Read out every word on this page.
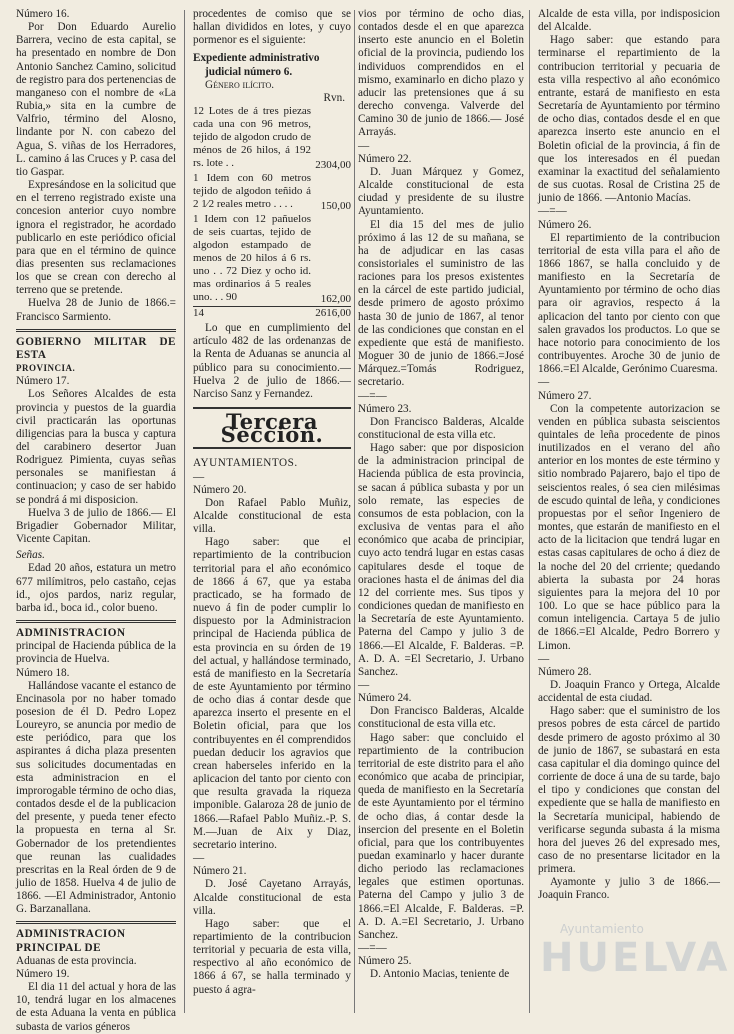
Número 16.

Por Don Eduardo Aurelio Barrera, vecino de esta capital, se ha presentado en nombre de Don Antonio Sanchez Camino, solicitud de registro para dos pertenencias de manganeso con el nombre de «La Rubia,» sita en la cumbre de Valfrio, término del Alosno, lindante por N. con cabezo del Agua, S. viñas de los Herradores, L. camino á las Cruces y P. casa del tio Gaspar.

Expresándose en la solicitud que en el terreno registrado existe una concesion anterior cuyo nombre ignora el registrador, he acordado publicarlo en este periódico oficial para que en el término de quince dias presenten sus reclamaciones los que se crean con derecho al terreno que se pretende.

Huelva 28 de Junio de 1866.= Francisco Sarmiento.

GOBIERNO MILITAR DE ESTA

PROVINCIA.

Número 17.

Los Señores Alcaldes de esta provincia y puestos de la guardia civil practicarán las oportunas diligencias para la busca y captura del carabinero desertor Juan Rodriguez Pimienta, cuyas señas personales se manifiestan á continuacion; y caso de ser habido se pondrá á mi disposicion.

Huelva 3 de julio de 1866.— El Brigadier Gobernador Militar, Vicente Capitan.

Señas.

Edad 20 años, estatura un metro 677 milímitros, pelo castaño, cejas id., ojos pardos, nariz regular, barba id., boca id., color bueno.

ADMINISTRACION

principal de Hacienda pública de la provincia de Huelva.

Número 18.

Hallándose vacante el estanco de Encinasola por no haber tomado posesion de él D. Pedro Lopez Loureyro, se anuncia por medio de este periódico, para que los aspirantes á dicha plaza presenten sus solicitudes documentadas en esta administracion en el improrogable término de ocho dias, contados desde el de la publicacion del presente, y pueda tener efecto la propuesta en terna al Sr. Gobernador de los pretendientes que reunan las cualidades prescritas en la Real órden de 9 de julio de 1858. Huelva 4 de julio de 1866. —El Administrador, Antonio G. Barzanallana.

ADMINISTRACION PRINCIPAL DE

Aduanas de esta provincia.

Número 19.

El dia 11 del actual y hora de las 10, tendrá lugar en los almacenes de esta Aduana la venta en pública subasta de varios géneros

procedentes de comiso que se hallan divididos en lotes, y cuyo pormenor es el siguiente:

Expediente administrativo

judicial número 6.

Género ilícito.

Rvn.

12 Lotes de á tres piezas cada una con 96 metros, tejido de algodon crudo de ménos de 26 hilos, á 192 rs. lote . .	2304,00
1 Idem con 60 metros tejido de algodon teñido á 2 1⁄2 reales metro . . . .	150,00
1 Idem con 12 pañuelos de seis cuartas, tejido de algodon estampado de menos de 20 hilos á 6 rs. uno . . 72 Diez y ocho id. mas ordinarios á 5 reales uno. . . 90	162,00
14	2616,00

Lo que en cumplimiento del artículo 482 de las ordenanzas de la Renta de Aduanas se anuncia al público para su conocimiento.— Huelva 2 de julio de 1866.—Narciso Sanz y Fernandez.

Tercera Seccion.

AYUNTAMIENTOS.

—

Número 20.

Don Rafael Pablo Muñiz, Alcalde constitucional de esta villa.

Hago saber: que el repartimiento de la contribucion territorial para el año económico de 1866 á 67, que ya estaba practicado, se ha formado de nuevo á fin de poder cumplir lo dispuesto por la Administracion principal de Hacienda pública de esta provincia en su órden de 19 del actual, y hallándose terminado, está de manifiesto en la Secretaría de este Ayuntamiento por término de ocho dias á contar desde que aparezca inserto el presente en el Boletin oficial, para que los contribuyentes en él comprendidos puedan deducir los agravios que crean haberseles inferido en la aplicacion del tanto por ciento con que resulta gravada la riqueza imponible. Galaroza 28 de junio de 1866.—Rafael Pablo Muñiz.-P. S. M.—Juan de Aix y Diaz, secretario interino.

—

Número 21.

D. José Cayetano Arrayás, Alcalde constitucional de esta villa.

Hago saber: que el repartimiento de la contribucion territorial y pecuaria de esta villa, respectivo al año económico de 1866 á 67, se halla terminado y puesto á agra-

vios por término de ocho dias, contados desde el en que aparezca inserto este anuncio en el Boletin oficial de la provincia, pudiendo los individuos comprendidos en el mismo, examinarlo en dicho plazo y aducir las pretensiones que á su derecho convenga. Valverde del Camino 30 de junio de 1866.— José Arrayás.

—

Número 22.

D. Juan Márquez y Gomez, Alcalde constitucional de esta ciudad y presidente de su ilustre Ayuntamiento.

El dia 15 del mes de julio próximo á las 12 de su mañana, se ha de adjudicar en las casas consistoriales el suministro de las raciones para los presos existentes en la cárcel de este partido judicial, desde primero de agosto próximo hasta 30 de junio de 1867, al tenor de las condiciones que constan en el expediente que está de manifiesto. Moguer 30 de junio de 1866.=José Márquez.=Tomás Rodriguez, secretario.

—=—

Número 23.

Don Francisco Balderas, Alcalde constitucional de esta villa etc.

Hago saber: que por disposicion de la administracion principal de Hacienda pública de esta provincia, se sacan á pública subasta y por un solo remate, las especies de consumos de esta poblacion, con la exclusiva de ventas para el año económico que acaba de principiar, cuyo acto tendrá lugar en estas casas capitulares desde el toque de oraciones hasta el de ánimas del dia 12 del corriente mes. Sus tipos y condiciones quedan de manifiesto en la Secretaría de este Ayuntamiento. Paterna del Campo y julio 3 de 1866.—El Alcalde, F. Balderas. =P. A. D. A. =El Secretario, J. Urbano Sanchez.

—

Número 24.

Don Francisco Balderas, Alcalde constitucional de esta villa etc.

Hago saber: que concluido el repartimiento de la contribucion territorial de este distrito para el año económico que acaba de principiar, queda de manifiesto en la Secretaría de este Ayuntamiento por el término de ocho dias, á contar desde la insercion del presente en el Boletin oficial, para que los contribuyentes puedan examinarlo y hacer durante dicho periodo las reclamaciones legales que estimen oportunas. Paterna del Campo y julio 3 de 1866.=El Alcalde, F. Balderas. =P. A. D. A.=El Secretario, J. Urbano Sanchez.

—=—

Número 25.

D. Antonio Macias, teniente de

Alcalde de esta villa, por indisposicion del Alcalde.

Hago saber: que estando para terminarse el repartimiento de la contribucion territorial y pecuaria de esta villa respectivo al año económico entrante, estará de manifiesto en esta Secretaría de Ayuntamiento por término de ocho dias, contados desde el en que aparezca inserto este anuncio en el Boletin oficial de la provincia, á fin de que los interesados en él puedan examinar la exactitud del señalamiento de sus cuotas. Rosal de Cristina 25 de junio de 1866. —Antonio Macías.

—=—

Número 26.

El repartimiento de la contribucion territorial de esta villa para el año de 1866 1867, se halla concluido y de manifiesto en la Secretaría de Ayuntamiento por término de ocho dias para oir agravios, respecto á la aplicacion del tanto por ciento con que salen gravados los productos. Lo que se hace notorio para conocimiento de los contribuyentes. Aroche 30 de junio de 1866.=El Alcalde, Gerónimo Cuaresma.

—

Número 27.

Con la competente autorizacion se venden en pública subasta seiscientos quintales de leña procedente de pinos inutilizados en el verano del año anterior en los montes de este término y sitio nombrado Pajarero, bajo el tipo de seiscientos reales, ó sea cien milésimas de escudo quintal de leña, y condiciones propuestas por el señor Ingeniero de montes, que estarán de manifiesto en el acto de la licitacion que tendrá lugar en estas casas capitulares de ocho á diez de la noche del 20 del crriente; quedando abierta la subasta por 24 horas siguientes para la mejora del 10 por 100. Lo que se hace público para la comun inteligencia. Cartaya 5 de julio de 1866.=El Alcalde, Pedro Borrero y Limon.

—

Número 28.

D. Joaquin Franco y Ortega, Alcalde accidental de esta ciudad.

Hago saber: que el suministro de los presos pobres de esta cárcel de partido desde primero de agosto próximo al 30 de junio de 1867, se subastará en esta casa capitular el dia domingo quince del corriente de doce á una de su tarde, bajo el tipo y condiciones que constan del expediente que se halla de manifiesto en la Secretaría municipal, habiendo de verificarse segunda subasta á la misma hora del jueves 26 del expresado mes, caso de no presentarse licitador en la primera.

Ayamonte y julio 3 de 1866.— Joaquin Franco.

Ayuntamiento
HUELVA
